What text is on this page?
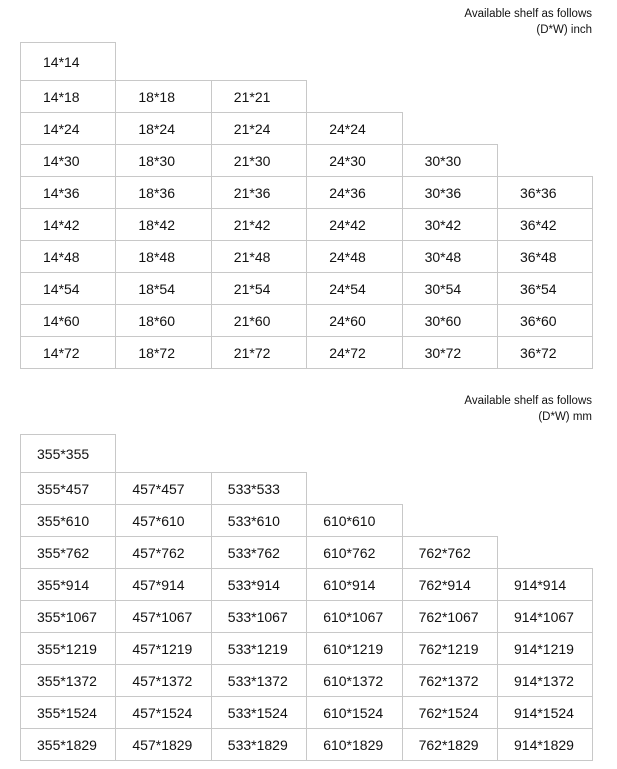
Available shelf as follows
(D*W) inch
14*14
14*18	18*18	21*21
14*24	18*24	21*24	24*24
14*30	18*30	21*30	24*30	30*30
14*36	18*36	21*36	24*36	30*36	36*36
14*42	18*42	21*42	24*42	30*42	36*42
14*48	18*48	21*48	24*48	30*48	36*48
14*54	18*54	21*54	24*54	30*54	36*54
14*60	18*60	21*60	24*60	30*60	36*60
14*72	18*72	21*72	24*72	30*72	36*72
Available shelf as follows
(D*W) mm
355*355
355*457	457*457	533*533
355*610	457*610	533*610	610*610
355*762	457*762	533*762	610*762	762*762
355*914	457*914	533*914	610*914	762*914	914*914
355*1067	457*1067	533*1067	610*1067	762*1067	914*1067
355*1219	457*1219	533*1219	610*1219	762*1219	914*1219
355*1372	457*1372	533*1372	610*1372	762*1372	914*1372
355*1524	457*1524	533*1524	610*1524	762*1524	914*1524
355*1829	457*1829	533*1829	610*1829	762*1829	914*1829
